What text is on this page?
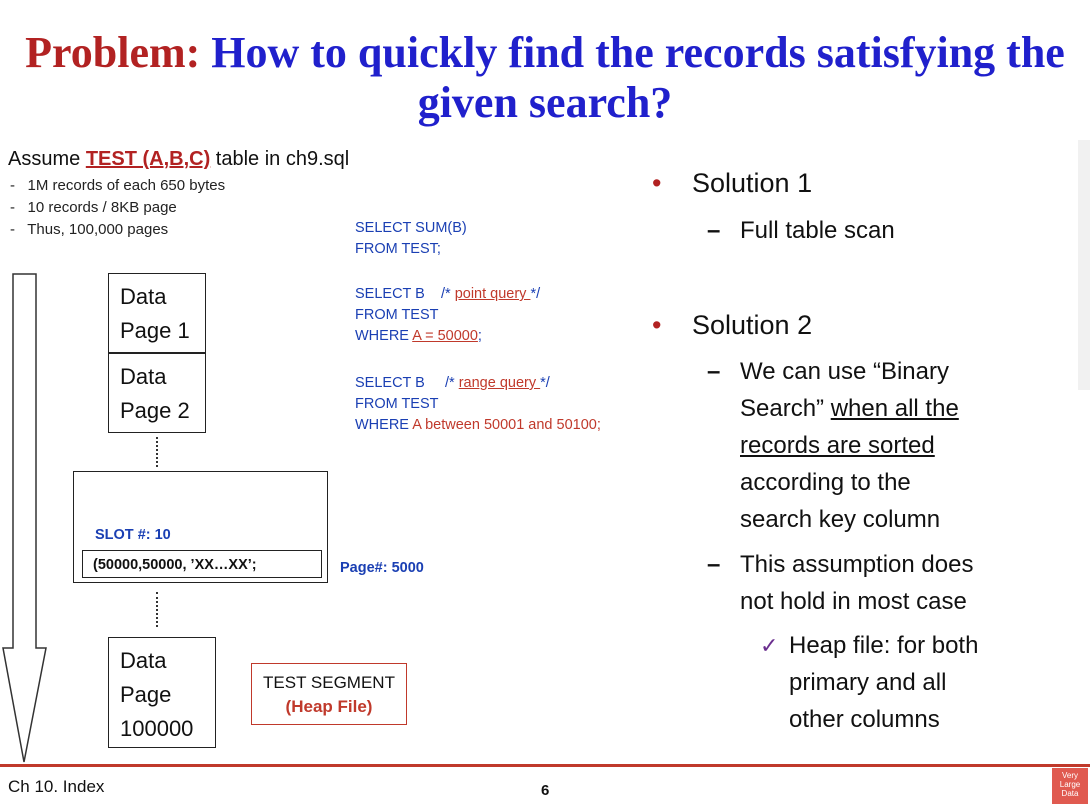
Problem: How to quickly find the records satisfying the given search?
Assume TEST (A,B,C) table in ch9.sql
- 1M records of each 650 bytes
- 10 records / 8KB page
- Thus, 100,000 pages	SELECT SUM(B)
FROM TEST;
SELECT B /* point query */
FROM TEST
WHERE A = 50000;
SELECT B /* range query */
FROM TEST
WHERE A between 50001 and 50100;
Data
Page 1
Data
Page 2
SLOT #: 10
(50000,50000, ’XX…XX’;	Page#: 5000
Data
Page
100000
TEST SEGMENT
(Heap File)
• Solution 1
– Full table scan
• Solution 2
– We can use “Binary
Search” when all the
records are sorted
according to the
search key column
– This assumption does
not hold in most case
✓ Heap file: for both
primary and all
other columns
Ch 10. Index	6
Very
Large
Data
